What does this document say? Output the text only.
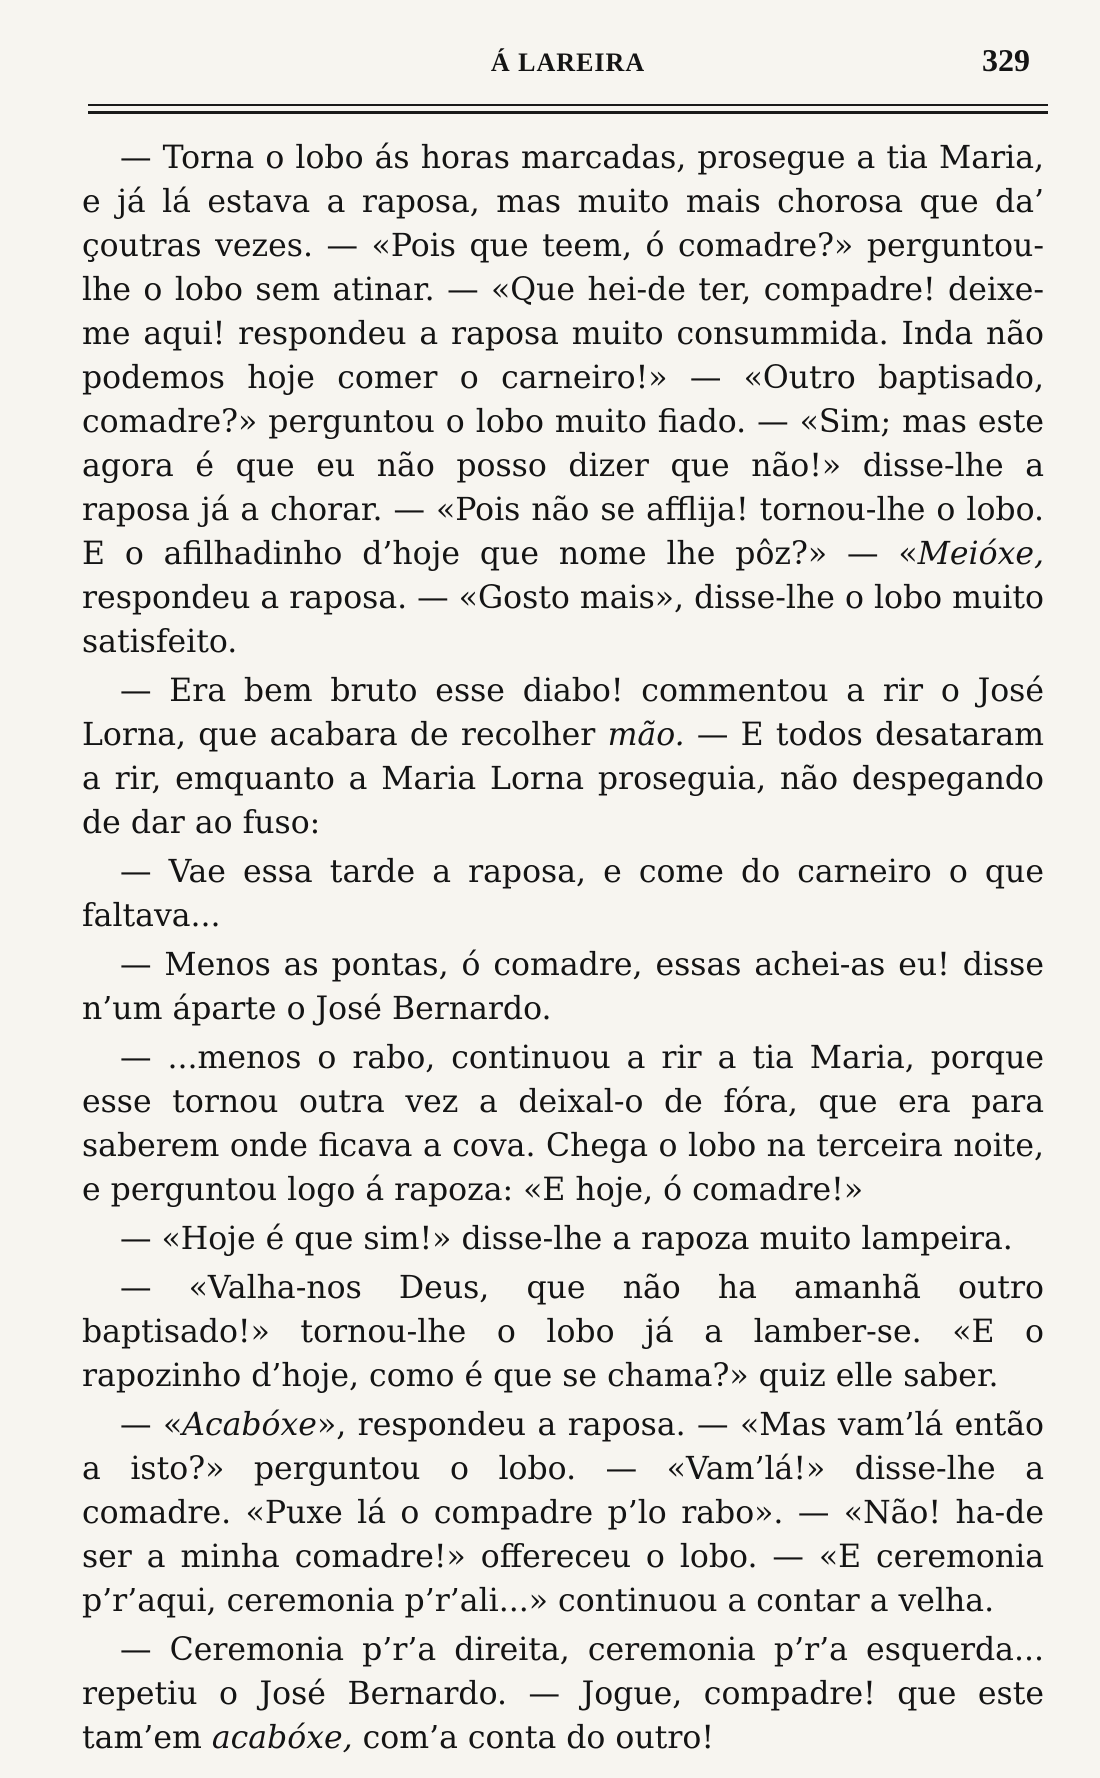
Á LAREIRA	329

— Torna o lobo ás horas marcadas, prosegue a tia Maria, e já lá estava a raposa, mas muito mais chorosa que da’ çoutras vezes. — «Pois que teem, ó comadre?» perguntou-lhe o lobo sem atinar. — «Que hei-de ter, compadre! deixe-me aqui! respondeu a raposa muito consummida. Inda não podemos hoje comer o carneiro!» — «Outro baptisado, comadre?» perguntou o lobo muito fiado. — «Sim; mas este agora é que eu não posso dizer que não!» disse-lhe a raposa já a chorar. — «Pois não se afflija! tornou-lhe o lobo. E o afilhadinho d’hoje que nome lhe pôz?» — «Meióxe, respondeu a raposa. — «Gosto mais», disse-lhe o lobo muito satisfeito.

— Era bem bruto esse diabo! commentou a rir o José Lorna, que acabara de recolher mão. — E todos desataram a rir, emquanto a Maria Lorna proseguia, não despegando de dar ao fuso:

— Vae essa tarde a raposa, e come do carneiro o que faltava...

— Menos as pontas, ó comadre, essas achei-as eu! disse n’um áparte o José Bernardo.

— ...menos o rabo, continuou a rir a tia Maria, porque esse tornou outra vez a deixal-o de fóra, que era para saberem onde ficava a cova. Chega o lobo na terceira noite, e perguntou logo á rapoza: «E hoje, ó comadre!»

— «Hoje é que sim!» disse-lhe a rapoza muito lampeira.

— «Valha-nos Deus, que não ha amanhã outro baptisado!» tornou-lhe o lobo já a lamber-se. «E o rapozinho d’hoje, como é que se chama?» quiz elle saber.

— «Acabóxe», respondeu a raposa. — «Mas vam’lá então a isto?» perguntou o lobo. — «Vam’lá!» disse-lhe a comadre. «Puxe lá o compadre p’lo rabo». — «Não! ha-de ser a minha comadre!» offereceu o lobo. — «E ceremonia p’r’aqui, ceremonia p’r’ali...» continuou a contar a velha.

— Ceremonia p’r’a direita, ceremonia p’r’a esquerda... repetiu o José Bernardo. — Jogue, compadre! que este tam’em acabóxe, com’a conta do outro!
